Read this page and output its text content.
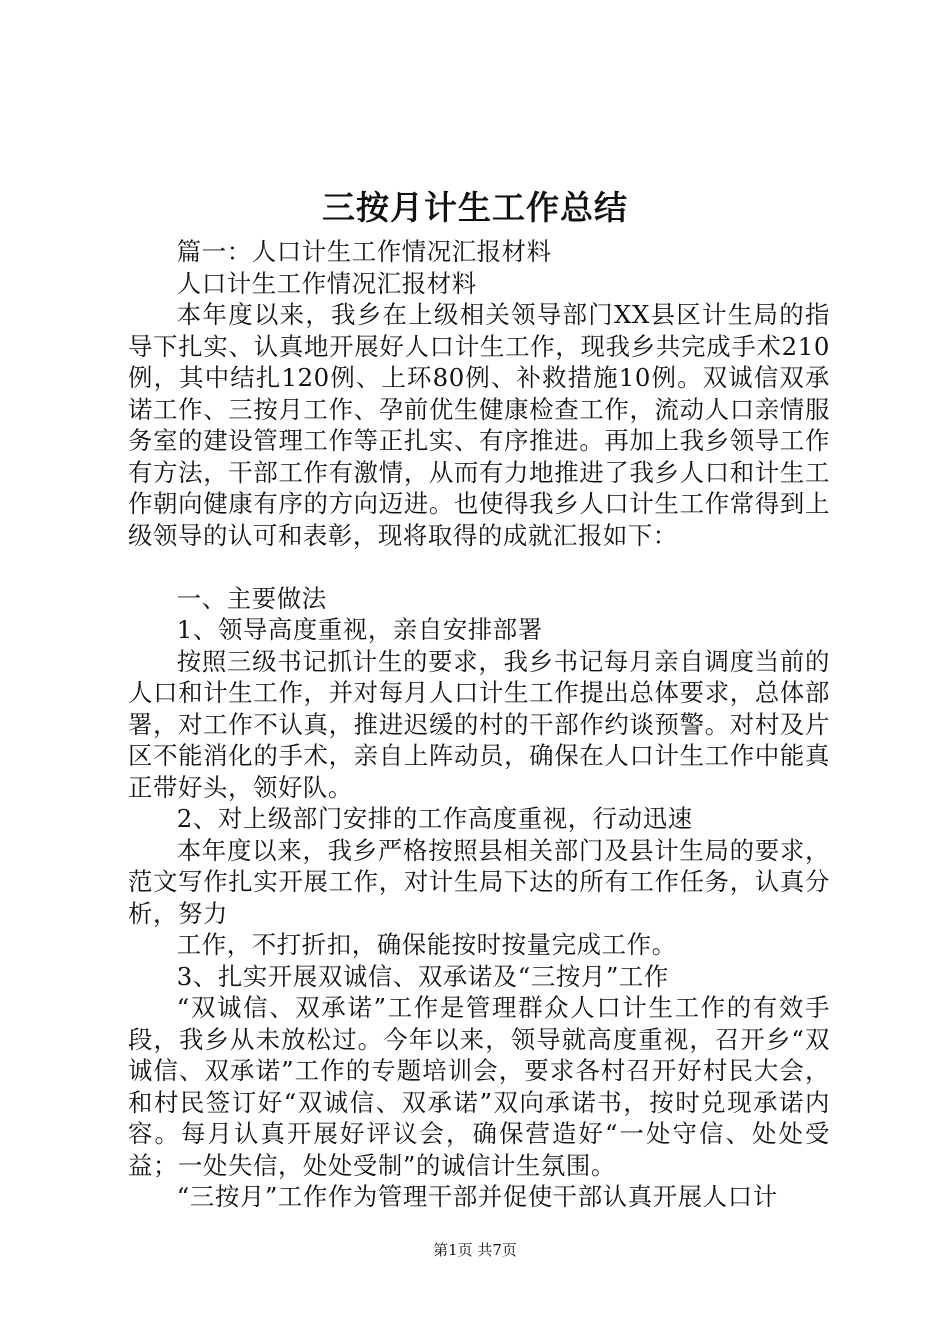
三按月计生工作总结

篇一：人口计生工作情况汇报材料

人口计生工作情况汇报材料

本年度以来，我乡在上级相关领导部门XX县区计生局的指导下扎实、认真地开展好人口计生工作，现我乡共完成手术210例，其中结扎120例、上环80例、补救措施10例。双诚信双承诺工作、三按月工作、孕前优生健康检查工作，流动人口亲情服务室的建设管理工作等正扎实、有序推进。再加上我乡领导工作有方法，干部工作有激情，从而有力地推进了我乡人口和计生工作朝向健康有序的方向迈进。也使得我乡人口计生工作常得到上级领导的认可和表彰，现将取得的成就汇报如下：

一、主要做法

1、领导高度重视，亲自安排部署

按照三级书记抓计生的要求，我乡书记每月亲自调度当前的人口和计生工作，并对每月人口计生工作提出总体要求，总体部署，对工作不认真，推进迟缓的村的干部作约谈预警。对村及片区不能消化的手术，亲自上阵动员，确保在人口计生工作中能真正带好头，领好队。

2、对上级部门安排的工作高度重视，行动迅速

本年度以来，我乡严格按照县相关部门及县计生局的要求，范文写作扎实开展工作，对计生局下达的所有工作任务，认真分析，努力

工作，不打折扣，确保能按时按量完成工作。

3、扎实开展双诚信、双承诺及“三按月”工作

“双诚信、双承诺”工作是管理群众人口计生工作的有效手段，我乡从未放松过。今年以来，领导就高度重视，召开乡“双诚信、双承诺”工作的专题培训会，要求各村召开好村民大会，和村民签订好“双诚信、双承诺”双向承诺书，按时兑现承诺内容。每月认真开展好评议会，确保营造好“一处守信、处处受益；一处失信，处处受制”的诚信计生氛围。

“三按月”工作作为管理干部并促使干部认真开展人口计

第1页 共7页
